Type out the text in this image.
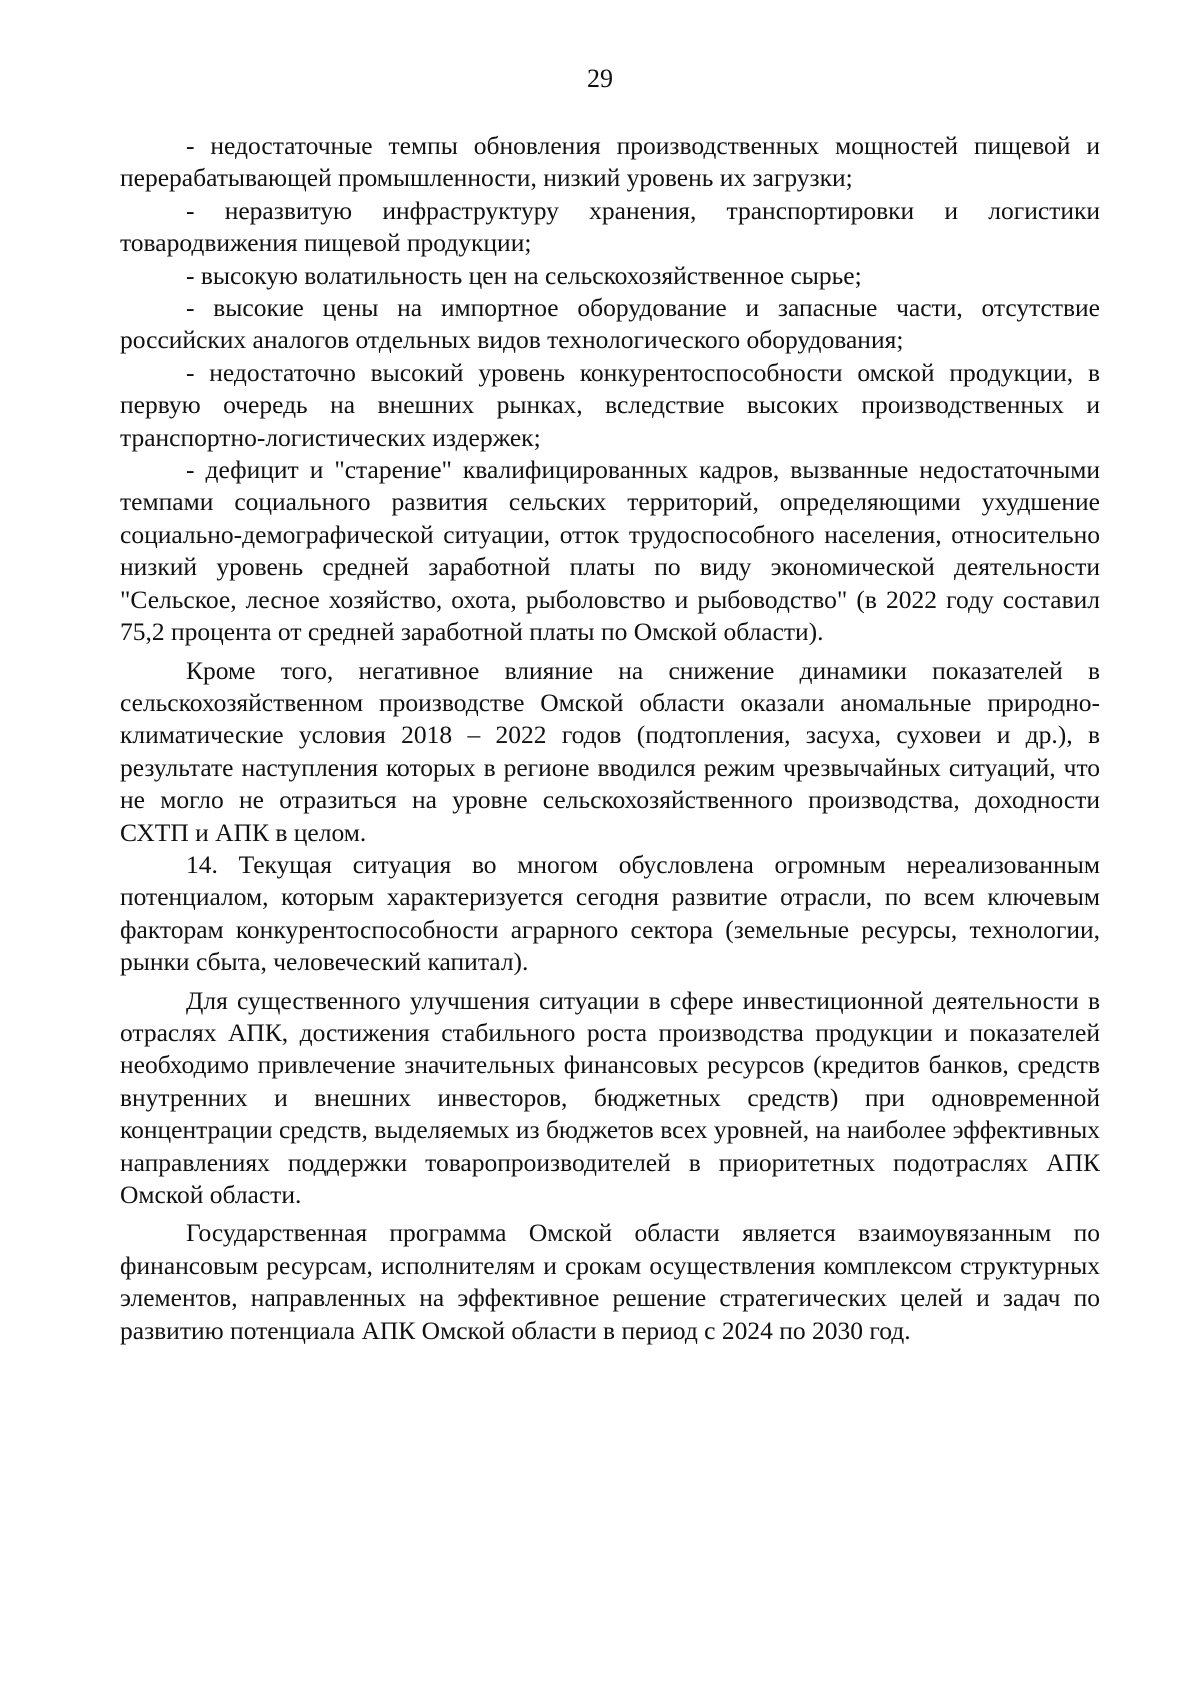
29

- недостаточные темпы обновления производственных мощностей пищевой и перерабатывающей промышленности, низкий уровень их загрузки;

- неразвитую инфраструктуру хранения, транспортировки и логистики товародвижения пищевой продукции;

- высокую волатильность цен на сельскохозяйственное сырье;

- высокие цены на импортное оборудование и запасные части, отсутствие российских аналогов отдельных видов технологического оборудования;

- недостаточно высокий уровень конкурентоспособности омской продукции, в первую очередь на внешних рынках, вследствие высоких производственных и транспортно-логистических издержек;

- дефицит и "старение" квалифицированных кадров, вызванные недостаточными темпами социального развития сельских территорий, определяющими ухудшение социально-демографической ситуации, отток трудоспособного населения, относительно низкий уровень средней заработной платы по виду экономической деятельности "Сельское, лесное хозяйство, охота, рыболовство и рыбоводство" (в 2022 году составил 75,2 процента от средней заработной платы по Омской области).

Кроме того, негативное влияние на снижение динамики показателей в сельскохозяйственном производстве Омской области оказали аномальные природно-климатические условия 2018 – 2022 годов (подтопления, засуха, суховеи и др.), в результате наступления которых в регионе вводился режим чрезвычайных ситуаций, что не могло не отразиться на уровне сельскохозяйственного производства, доходности СХТП и АПК в целом.

14. Текущая ситуация во многом обусловлена огромным нереализованным потенциалом, которым характеризуется сегодня развитие отрасли, по всем ключевым факторам конкурентоспособности аграрного сектора (земельные ресурсы, технологии, рынки сбыта, человеческий капитал).

Для существенного улучшения ситуации в сфере инвестиционной деятельности в отраслях АПК, достижения стабильного роста производства продукции и показателей необходимо привлечение значительных финансовых ресурсов (кредитов банков, средств внутренних и внешних инвесторов, бюджетных средств) при одновременной концентрации средств, выделяемых из бюджетов всех уровней, на наиболее эффективных направлениях поддержки товаропроизводителей в приоритетных подотраслях АПК Омской области.

Государственная программа Омской области является взаимоувязанным по финансовым ресурсам, исполнителям и срокам осуществления комплексом структурных элементов, направленных на эффективное решение стратегических целей и задач по развитию потенциала АПК Омской области в период с 2024 по 2030 год.
